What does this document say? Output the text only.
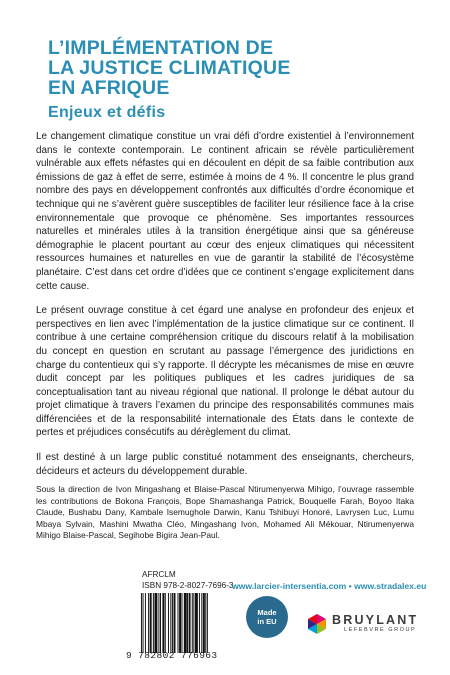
L’IMPLÉMENTATION DE
LA JUSTICE CLIMATIQUE
EN AFRIQUE
Enjeux et défis

Le changement climatique constitue un vrai défi d’ordre existentiel à l’environnement dans le contexte contemporain. Le continent africain se révèle particulièrement vulnérable aux effets néfastes qui en découlent en dépit de sa faible contribution aux émissions de gaz à effet de serre, estimée à moins de 4 %. Il concentre le plus grand nombre des pays en développement confrontés aux difficultés d’ordre économique et technique qui ne s’avèrent guère susceptibles de faciliter leur résilience face à la crise environnementale que provoque ce phénomène. Ses importantes ressources naturelles et minérales utiles à la transition énergétique ainsi que sa généreuse démographie le placent pourtant au cœur des enjeux climatiques qui nécessitent ressources humaines et naturelles en vue de garantir la stabilité de l’écosystème planétaire. C’est dans cet ordre d’idées que ce continent s’engage explicitement dans cette cause.

Le présent ouvrage constitue à cet égard une analyse en profondeur des enjeux et perspectives en lien avec l’implémentation de la justice climatique sur ce continent. Il contribue à une certaine compréhension critique du discours relatif à la mobilisation du concept en question en scrutant au passage l’émergence des juridictions en charge du contentieux qui s’y rapporte. Il décrypte les mécanismes de mise en œuvre dudit concept par les politiques publiques et les cadres juridiques de sa conceptualisation tant au niveau régional que national. Il prolonge le débat autour du projet climatique à travers l’examen du principe des responsabilités communes mais différenciées et de la responsabilité internationale des États dans le contexte de pertes et préjudices consécutifs au dérèglement du climat.

Il est destiné à un large public constitué notamment des enseignants, chercheurs, décideurs et acteurs du développement durable.

Sous la direction de Ivon Mingashang et Blaise-Pascal Ntirumenyerwa Mihigo, l’ouvrage rassemble les contributions de Bokona François, Bope Shamashanga Patrick, Bouquelle Farah, Boyoo Itaka Claude, Bushabu Dany, Kambale Isemughole Darwin, Kanu Tshibuyi Honoré, Lavrysen Luc, Lumu Mbaya Sylvain, Mashini Mwatha Cléo, Mingashang Ivon, Mohamed Ali Mékouar, Ntirumenyerwa Mihigo Blaise-Pascal, Segihobe Bigira Jean-Paul.

AFRCLM
ISBN 978-2-8027-7696-3
www.larcier-intersentia.com • www.stradalex.eu
9 782802 776963
Made
in EU	BRUYLANT
LEFEBVRE GROUP
